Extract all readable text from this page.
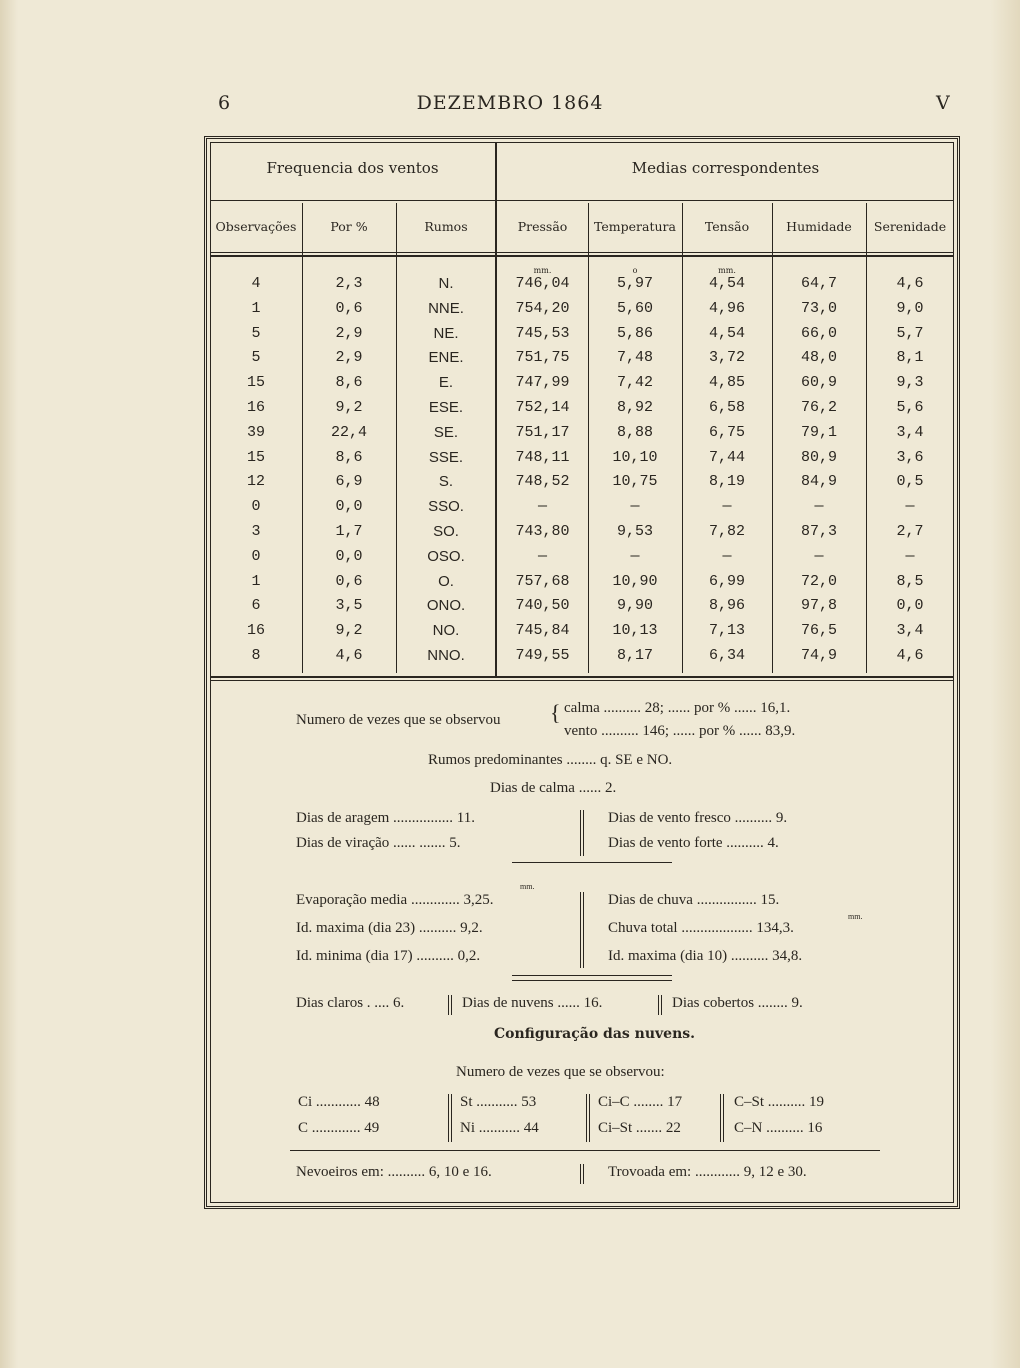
6	DEZEMBRO 1864	V
Frequencia dos ventos	Medias correspondentes
Observações	Por %	Rumos	Pressão	Temperatura	Tensão	Humidade	Serenidade
mm.	o	mm.
4	2,3	N.	746,04	5,97	4,54	64,7	4,6
1	0,6	NNE.	754,20	5,60	4,96	73,0	9,0
5	2,9	NE.	745,53	5,86	4,54	66,0	5,7
5	2,9	ENE.	751,75	7,48	3,72	48,0	8,1
15	8,6	E.	747,99	7,42	4,85	60,9	9,3
16	9,2	ESE.	752,14	8,92	6,58	76,2	5,6
39	22,4	SE.	751,17	8,88	6,75	79,1	3,4
15	8,6	SSE.	748,11	10,10	7,44	80,9	3,6
12	6,9	S.	748,52	10,75	8,19	84,9	0,5
0	0,0	SSO.	—	—	—	—	—
3	1,7	SO.	743,80	9,53	7,82	87,3	2,7
0	0,0	OSO.	—	—	—	—	—
1	0,6	O.	757,68	10,90	6,99	72,0	8,5
6	3,5	ONO.	740,50	9,90	8,96	97,8	0,0
16	9,2	NO.	745,84	10,13	7,13	76,5	3,4
8	4,6	NNO.	749,55	8,17	6,34	74,9	4,6
Numero de vezes que se observou { calma .......... 28; ...... por % ...... 16,1.
vento .......... 146; ...... por % ...... 83,9.
Rumos predominantes ........ q. SE e NO.
Dias de calma ...... 2.
Dias de aragem ................ 11.
Dias de viração ...... ....... 5.
Dias de vento fresco .......... 9.
Dias de vento forte .......... 4.
mm.
Evaporação media ............. 3,25.
Id. maxima (dia 23) .......... 9,2.
Id. minima (dia 17) .......... 0,2.
Dias de chuva ................ 15.
mm.
Chuva total ................... 134,3.
Id. maxima (dia 10) .......... 34,8.
Dias claros . .... 6.	Dias de nuvens ...... 16.	Dias cobertos ........ 9.
Configuração das nuvens.
Numero de vezes que se observou:
Ci ............ 48	St ........... 53	Ci–C ........ 17	C–St .......... 19
C ............. 49	Ni ........... 44	Ci–St ....... 22	C–N .......... 16
Nevoeiros em: .......... 6, 10 e 16.	Trovoada em: ............ 9, 12 e 30.
